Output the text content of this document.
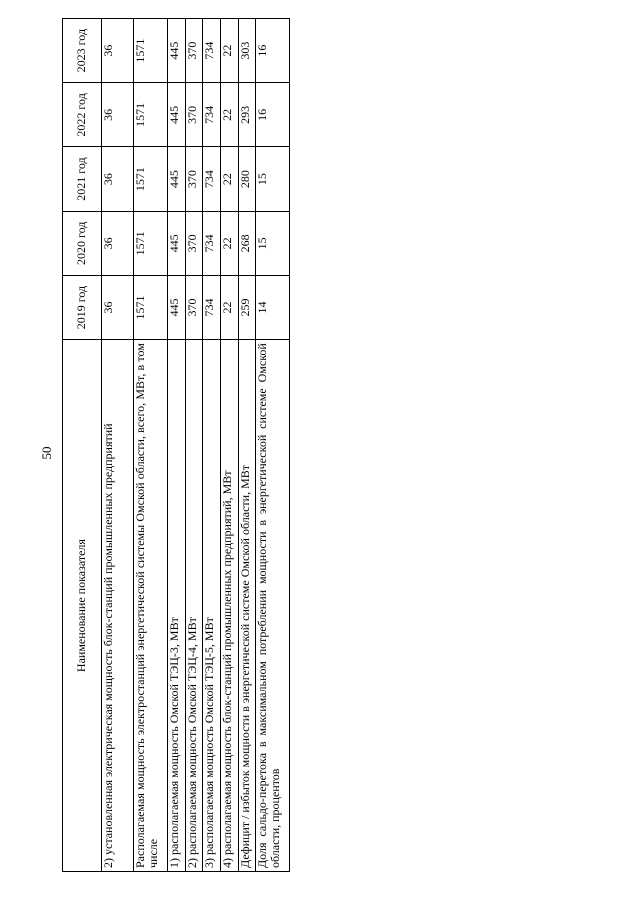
50
Наименование показателя	2019 год	2020 год	2021 год	2022 год	2023 год
2) установленная электрическая мощность блок-станций промышленных предприятий	36	36	36	36	36
Располагаемая мощность электростанций энергетической системы Омской области, всего, МВт, в том числе	1571	1571	1571	1571	1571
1) располагаемая мощность Омской ТЭЦ-3, МВт	445	445	445	445	445
2) располагаемая мощность Омской ТЭЦ-4, МВт	370	370	370	370	370
3) располагаемая мощность Омской ТЭЦ-5, МВт	734	734	734	734	734
4) располагаемая мощность блок-станций промышленных предприятий, МВт	22	22	22	22	22
Дефицит / избыток мощности в энергетической системе Омской области, МВт	259	268	280	293	303
Доля сальдо-перетока в максимальном потреблении мощности в энергетической системе Омской области, процентов	14	15	15	16	16
